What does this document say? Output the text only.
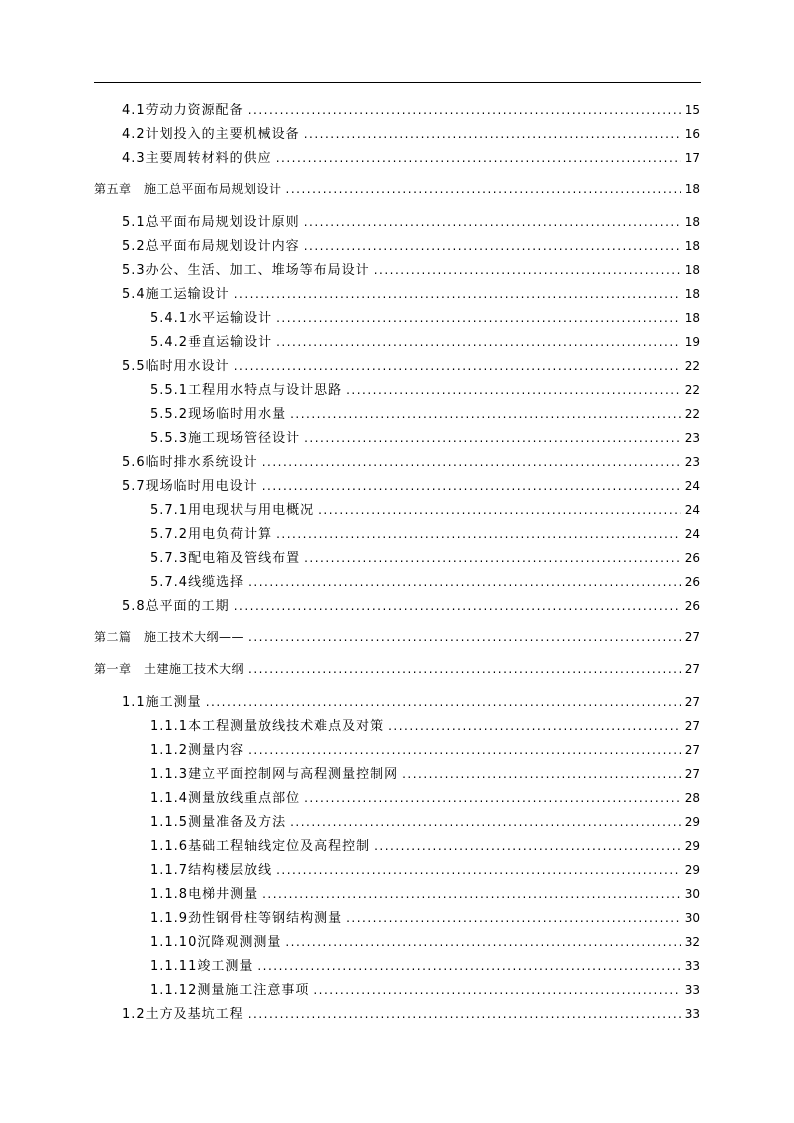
4.1劳动力资源配备 .....	15
4.2计划投入的主要机械设备 .....	16
4.3主要周转材料的供应 .....	17
第五章　施工总平面布局规划设计 .....	18
5.1总平面布局规划设计原则 .....	18
5.2总平面布局规划设计内容 .....	18
5.3办公、生活、加工、堆场等布局设计 .....	18
5.4施工运输设计 .....	18
5.4.1水平运输设计 .....	18
5.4.2垂直运输设计 .....	19
5.5临时用水设计 .....	22
5.5.1工程用水特点与设计思路 .....	22
5.5.2现场临时用水量 .....	22
5.5.3施工现场管径设计 .....	23
5.6临时排水系统设计 .....	23
5.7现场临时用电设计 .....	24
5.7.1用电现状与用电概况 .....	24
5.7.2用电负荷计算 .....	24
5.7.3配电箱及管线布置 .....	26
5.7.4线缆选择 .....	26
5.8总平面的工期 .....	26
第二篇　施工技术大纲—— .....	27
第一章　土建施工技术大纲 .....	27
1.1施工测量 .....	27
1.1.1本工程测量放线技术难点及对策 .....	27
1.1.2测量内容 .....	27
1.1.3建立平面控制网与高程测量控制网 .....	27
1.1.4测量放线重点部位 .....	28
1.1.5测量准备及方法 .....	29
1.1.6基础工程轴线定位及高程控制 .....	29
1.1.7结构楼层放线 .....	29
1.1.8电梯井测量 .....	30
1.1.9劲性钢骨柱等钢结构测量 .....	30
1.1.10沉降观测测量 .....	32
1.1.11竣工测量 .....	33
1.1.12测量施工注意事项 .....	33
1.2土方及基坑工程 .....	33
